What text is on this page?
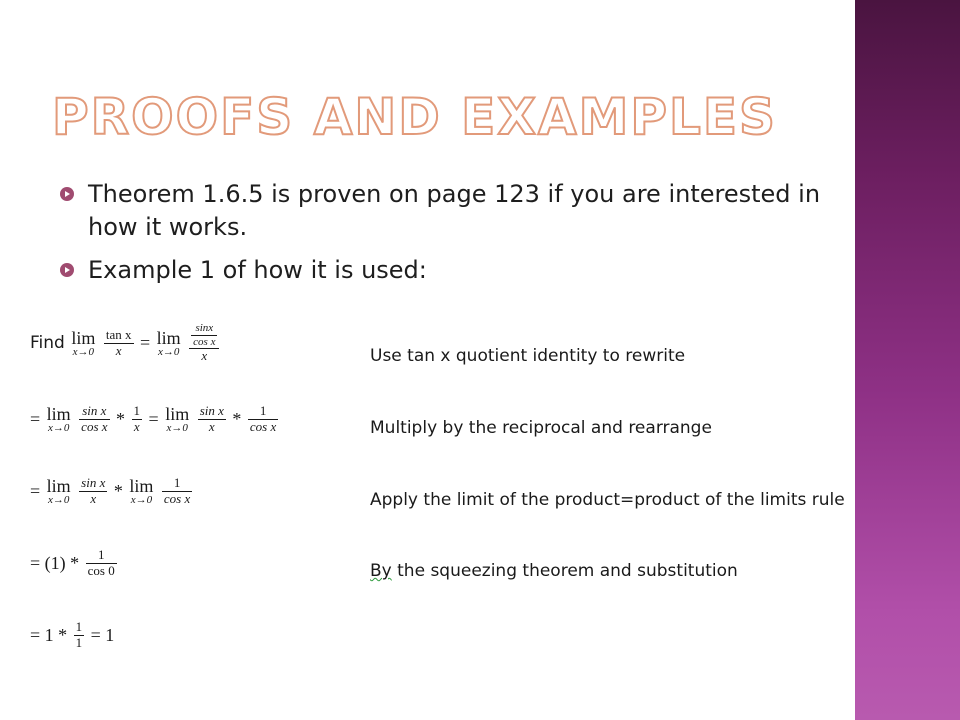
PROOFS AND EXAMPLES
Theorem 1.6.5 is proven on page 123 if you are interested in how it works.
Example 1 of how it is used:
Find lim
x→0
$\frac{\text{tan x}}{x} = \lim$
x→0
$\frac{\frac{\sin x}{\text{cos x}}}{x}$	Use tan x quotient identity to rewrite
= lim
x→0
$\frac{\text{sin x}}{\text{cos x}} * \frac{1}{x} = \lim$
x→0
$\frac{\text{sin x}}{x} * \frac{1}{\text{cos x}}$	Multiply by the reciprocal and rearrange
= lim
x→0
$\frac{\text{sin x}}{x}$ * lim
x→0
$\frac{1}{\text{cos x}}$	Apply the limit of the product=product of the limits rule
= $(1) * \frac{1}{\cos 0}$	By the squeezing theorem and substitution
= $1 * \frac{1}{1} = 1$
